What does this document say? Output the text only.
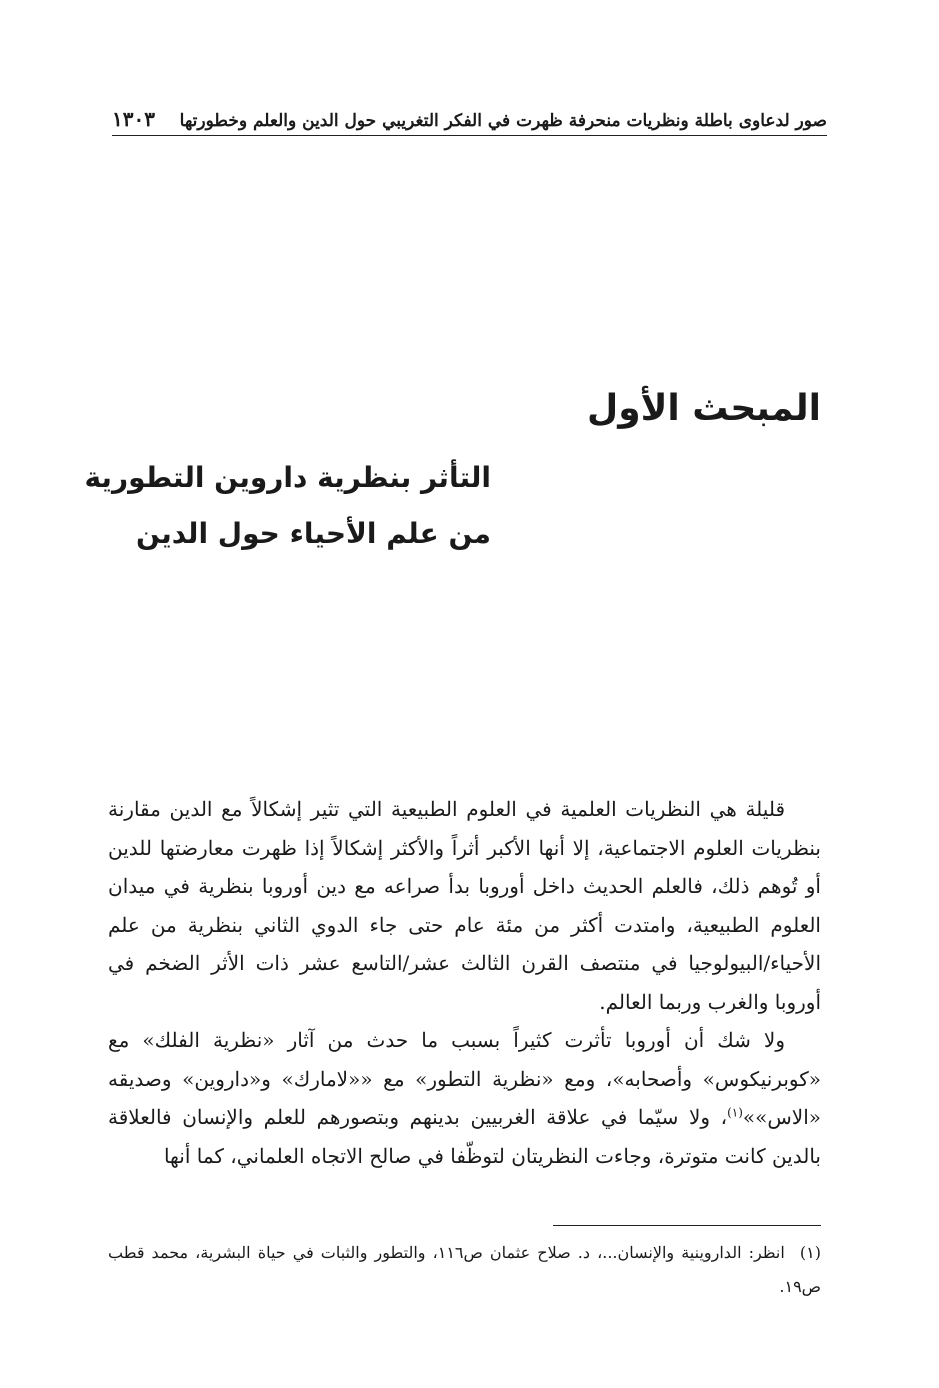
صور لدعاوى باطلة ونظريات منحرفة ظهرت في الفكر التغريبي حول الدين والعلم وخطورتها
١٣٠٣
المبحث الأول
التأثر بنظرية داروين التطورية
من علم الأحياء حول الدين

قليلة هي النظريات العلمية في العلوم الطبيعية التي تثير إشكالاً مع الدين مقارنة بنظريات العلوم الاجتماعية، إلا أنها الأكبر أثراً والأكثر إشكالاً إذا ظهرت معارضتها للدين أو تُوهم ذلك، فالعلم الحديث داخل أوروبا بدأ صراعه مع دين أوروبا بنظرية في ميدان العلوم الطبيعية، وامتدت أكثر من مئة عام حتى جاء الدوي الثاني بنظرية من علم الأحياء/البيولوجيا في منتصف القرن الثالث عشر/التاسع عشر ذات الأثر الضخم في أوروبا والغرب وربما العالم.

ولا شك أن أوروبا تأثرت كثيراً بسبب ما حدث من آثار «نظرية الفلك» مع «كوبرنيكوس» وأصحابه»، ومع «نظرية التطور» مع ««لامارك» و«داروين» وصديقه «الاس»»$^{(١)}$، ولا سيّما في علاقة الغربيين بدينهم وبتصورهم للعلم والإنسان فالعلاقة بالدين كانت متوترة، وجاءت النظريتان لتوظّفا في صالح الاتجاه العلماني، كما أنها

(١) انظر: الداروينية والإنسان...، د. صلاح عثمان ص١١٦، والتطور والثبات في حياة البشرية، محمد قطب ص١٩.
